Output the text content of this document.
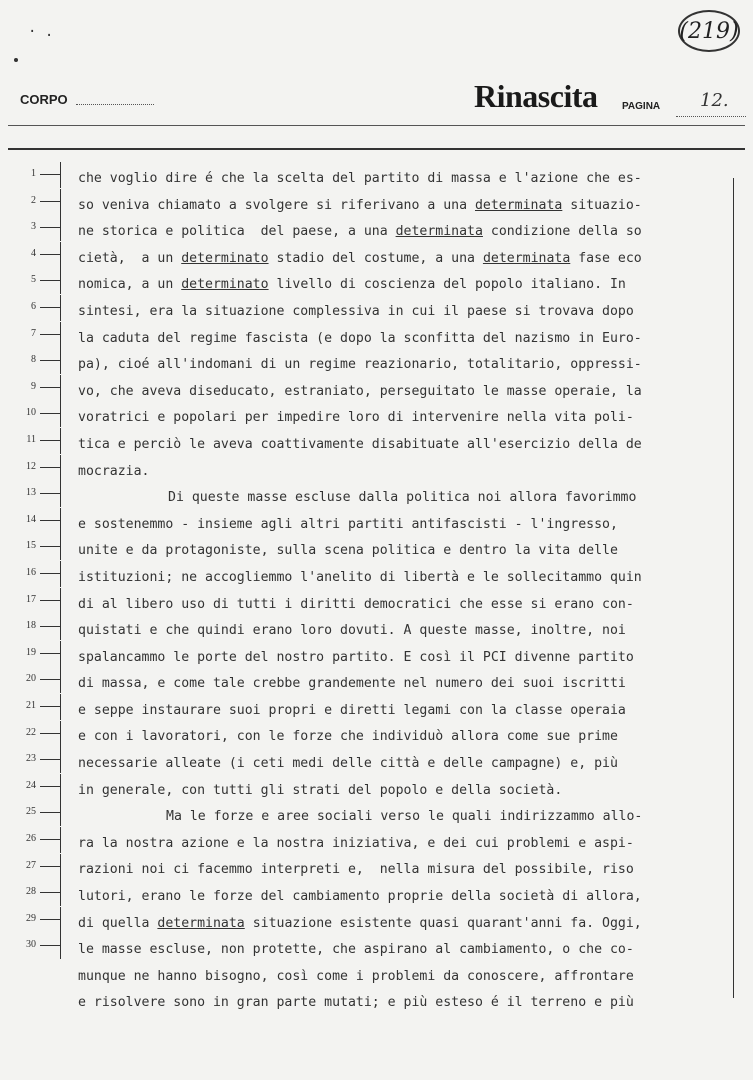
(219)
· .
CORPO	Rinascita PAGINA 12.
1
2
3
4
5
6
7
8
9
10
11
12
13
14
15
16
17
18
19
20
21
22
23
24
25
26
27
28
29
30
che voglio dire é che la scelta del partito di massa e l'azione che es-
so veniva chiamato a svolgere si riferivano a una determinata situazio-
ne storica e politica  del paese, a una determinata condizione della so
cietà,  a un determinato stadio del costume, a una determinata fase eco
nomica, a un determinato livello di coscienza del popolo italiano. In
sintesi, era la situazione complessiva in cui il paese si trovava dopo
la caduta del regime fascista (e dopo la sconfitta del nazismo in Euro-
pa), cioé all'indomani di un regime reazionario, totalitario, oppressi-
vo, che aveva diseducato, estraniato, perseguitato le masse operaie, la
voratrici e popolari per impedire loro di intervenire nella vita poli-
tica e perciò le aveva coattivamente disabituate all'esercizio della de
mocrazia.
Di queste masse escluse dalla politica noi allora favorimmo
e sostenemmo - insieme agli altri partiti antifascisti - l'ingresso,
unite e da protagoniste, sulla scena politica e dentro la vita delle
istituzioni; ne accogliemmo l'anelito di libertà e le sollecitammo quin
di al libero uso di tutti i diritti democratici che esse si erano con-
quistati e che quindi erano loro dovuti. A queste masse, inoltre, noi
spalancammo le porte del nostro partito. E così il PCI divenne partito
di massa, e come tale crebbe grandemente nel numero dei suoi iscritti
e seppe instaurare suoi propri e diretti legami con la classe operaia
e con i lavoratori, con le forze che individuò allora come sue prime
necessarie alleate (i ceti medi delle città e delle campagne) e, più
in generale, con tutti gli strati del popolo e della società.
Ma le forze e aree sociali verso le quali indirizzammo allo-
ra la nostra azione e la nostra iniziativa, e dei cui problemi e aspi-
razioni noi ci facemmo interpreti e,  nella misura del possibile, riso
lutori, erano le forze del cambiamento proprie della società di allora,
di quella determinata situazione esistente quasi quarant'anni fa. Oggi,
le masse escluse, non protette, che aspirano al cambiamento, o che co-
munque ne hanno bisogno, così come i problemi da conoscere, affrontare
e risolvere sono in gran parte mutati; e più esteso é il terreno e più
